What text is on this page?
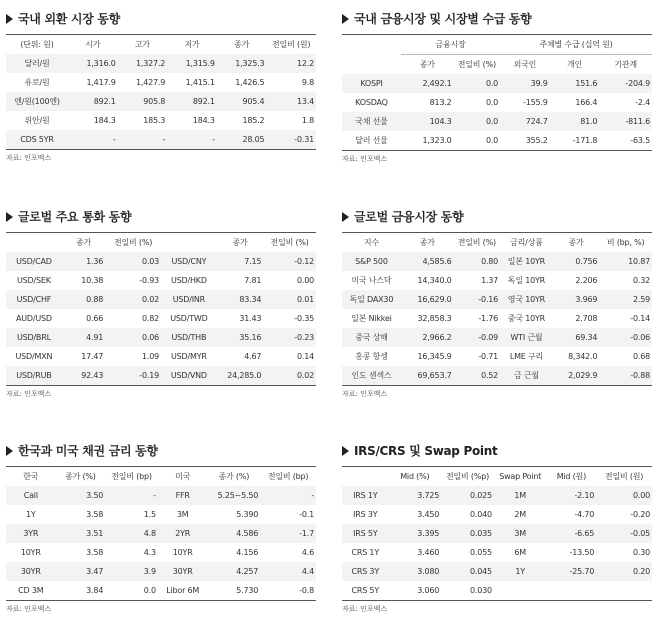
국내 외환 시장 동향
(단위: 원)	시가	고가	저가	종가	전일비 (원)
달러/원	1,316.0	1,327.2	1,315.9	1,325.3	12.2
유로/원	1,417.9	1,427.9	1,415.1	1,426.5	9.8
엔/원(100엔)	892.1	905.8	892.1	905.4	13.4
위안/원	184.3	185.3	184.3	185.2	1.8
CDS 5YR	-	-	-	28.05	-0.31
자료: 인포맥스
국내 금융시장 및 시장별 수급 동향
	금융시장		주체별 수급 (십억 원)		
	종가	전일비 (%)	외국인	개인	기관계
KOSPI	2,492.1	0.0	39.9	151.6	-204.9
KOSDAQ	813.2	0.0	-155.9	166.4	-2.4
국채 선물	104.3	0.0	724.7	81.0	-811.6
달러 선물	1,323.0	0.0	355.2	-171.8	-63.5
자료: 인포맥스
글로벌 주요 통화 동향
	종가	전일비 (%)		종가	전일비 (%)
USD/CAD	1.36	0.03	USD/CNY	7.15	-0.12
USD/SEK	10.38	-0.93	USD/HKD	7.81	0.00
USD/CHF	0.88	0.02	USD/INR	83.34	0.01
AUD/USD	0.66	0.82	USD/TWD	31.43	-0.35
USD/BRL	4.91	0.06	USD/THB	35.16	-0.23
USD/MXN	17.47	1.09	USD/MYR	4.67	0.14
USD/RUB	92.43	-0.19	USD/VND	24,285.0	0.02
자료: 인포맥스
글로벌 금융시장 동향
지수	종가	전일비 (%)	금리/상품	종가	비 (bp, %)
S&P 500	4,585.6	0.80	일본 10YR	0.756	10.87
미국 나스닥	14,340.0	1.37	독일 10YR	2.206	0.32
독일 DAX30	16,629.0	-0.16	영국 10YR	3.969	2.59
일본 Nikkei	32,858.3	-1.76	중국 10YR	2.708	-0.14
중국 상해	2,966.2	-0.09	WTI 근월	69.34	-0.06
홍콩 항셍	16,345.9	-0.71	LME 구리	8,342.0	0.68
인도 센섹스	69,653.7	0.52	금 근월	2,029.9	-0.88
자료: 인포맥스
한국과 미국 채권 금리 동향
한국	종가 (%)	전일비 (bp)	미국	종가 (%)	전일비 (bp)
Call	3.50	-	FFR	5.25~5.50	-
1Y	3.58	1.5	3M	5.390	-0.1
3YR	3.51	4.8	2YR	4.586	-1.7
10YR	3.58	4.3	10YR	4.156	4.6
30YR	3.47	3.9	30YR	4.257	4.4
CD 3M	3.84	0.0	Libor 6M	5.730	-0.8
자료: 인포맥스
IRS/CRS 및 Swap Point
	Mid (%)	전일비 (%p)	Swap Point	Mid (원)	전일비 (원)
IRS 1Y	3.725	0.025	1M	-2.10	0.00
IRS 3Y	3.450	0.040	2M	-4.70	-0.20
IRS 5Y	3.395	0.035	3M	-6.65	-0.05
CRS 1Y	3.460	0.055	6M	-13.50	0.30
CRS 3Y	3.080	0.045	1Y	-25.70	0.20
CRS 5Y	3.060	0.030			
자료: 인포맥스
